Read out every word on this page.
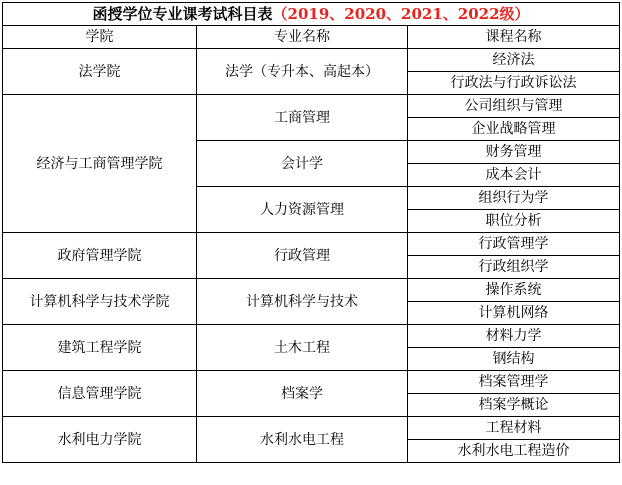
函授学位专业课考试科目表（2019、2020、2021、2022级）		
学院	专业名称	课程名称
法学院	法学（专升本、高起本）	经济法
		行政法与行政诉讼法
经济与工商管理学院	工商管理	公司组织与管理
		企业战略管理
	会计学	财务管理
		成本会计
	人力资源管理	组织行为学
		职位分析
政府管理学院	行政管理	行政管理学
		行政组织学
计算机科学与技术学院	计算机科学与技术	操作系统
		计算机网络
建筑工程学院	土木工程	材料力学
		钢结构
信息管理学院	档案学	档案管理学
		档案学概论
水利电力学院	水利水电工程	工程材料
		水利水电工程造价
